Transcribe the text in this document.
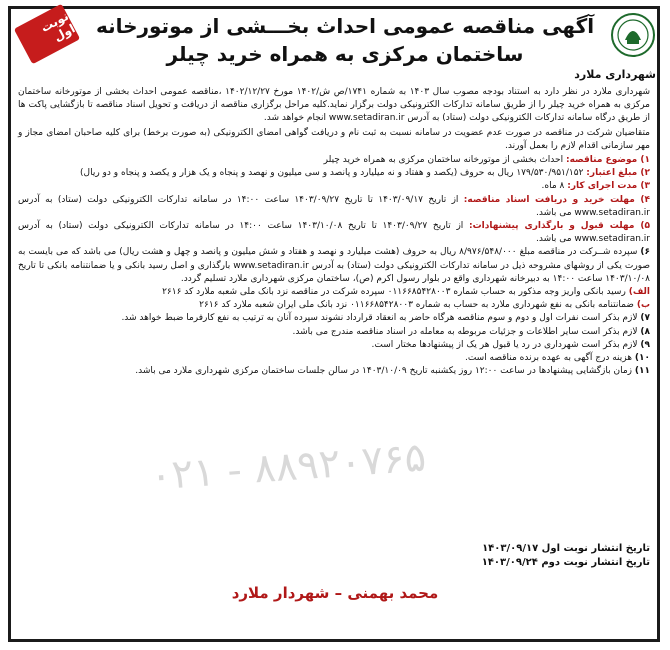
شهرداری ملارد
نوبت اول آگهی مناقصه عمومی احداث بخـــشی از موتورخانه
ساختمان مرکزی به همراه خرید چیلر
۰۲۱ - ۸۸۹۲۰۷۶۵

شهرداری ملارد در نظر دارد به استناد بودجه مصوب سال ۱۴۰۳ به شماره ۱۷۴۱/ص ش/۱۴۰۲ مورخ ۱۴۰۲/۱۲/۲۷ ،مناقصه عمومی احداث بخشی از موتورخانه ساختمان مرکزی به همراه خرید چیلر را از طریق سامانه تدارکات الکترونیکی دولت برگزار نماید.کلیه مراحل برگزاری مناقصه از دریافت و تحویل اسناد مناقصه تا بازگشایی پاکت ها از طریق درگاه سامانه تدارکات الکترونیکی دولت (ستاد) به آدرس www.setadiran.ir انجام خواهد شد.

متقاضیان شرکت در مناقصه در صورت عدم عضویت در سامانه نسبت به ثبت نام و دریافت گواهی امضای الکترونیکی (به صورت برخط) برای کلیه صاحبان امضای مجاز و مهر سازمانی اقدام لازم را بعمل آورند.

۱) موضوع مناقصه: احداث بخشی از موتورخانه ساختمان مرکزی به همراه خرید چیلر
۲) مبلغ اعتبار: ۱۷۹/۵۳۰/۹۵۱/۱۵۲ ریال به حروف (یکصد و هفتاد و نه میلیارد و پانصد و سی میلیون و نهصد و پنجاه و یک هزار و یکصد و پنجاه و دو ریال)
۳) مدت اجرای کار: ۸ ماه.
۴) مهلت خرید و دریافت اسناد مناقصه: از تاریخ ۱۴۰۳/۰۹/۱۷ تا تاریخ ۱۴۰۳/۰۹/۲۷ ساعت ۱۴:۰۰ در سامانه تدارکات الکترونیکی دولت (ستاد) به آدرس www.setadiran.ir می باشد.
۵) مهلت قبول و بارگذاری پیشنهادات: از تاریخ ۱۴۰۳/۰۹/۲۷ تا تاریخ ۱۴۰۳/۱۰/۰۸ ساعت ۱۴:۰۰ در سامانه تدارکات الکترونیکی دولت (ستاد) به آدرس www.setadiran.ir می باشد.
۶) سپرده شــرکت در مناقصه مبلغ ۸/۹۷۶/۵۴۸/۰۰۰ ریال به حروف (هشت میلیارد و نهصد و هفتاد و شش میلیون و پانصد و چهل و هشت ریال) می باشد که می بایست به صورت یکی از روشهای مشروحه ذیل در سامانه تدارکات الکترونیکی دولت (ستاد) به آدرس www.setadiran.ir بارگذاری و اصل رسید بانکی و یا ضمانتنامه بانکی تا تاریخ ۱۴۰۳/۱۰/۰۸ ساعت ۱۴:۰۰ به دبیرخانه شهرداری واقع در بلوار رسول اکرم (ص)، ساختمان مرکزی شهرداری ملارد تسلیم گردد.
الف) رسید بانکی واریز وجه مذکور به حساب شماره ۰۱۱۶۶۸۵۴۲۸۰۰۳ سپرده شرکت در مناقصه نزد بانک ملی شعبه ملارد کد ۲۶۱۶
ب) ضمانتنامه بانکی به نفع شهرداری ملارد به حساب به شماره ۰۱۱۶۶۸۵۴۲۸۰۰۳ نزد بانک ملی ایران شعبه ملارد کد ۲۶۱۶
۷) لازم بذکر است نفرات اول و دوم و سوم مناقصه هرگاه حاضر به انعقاد قرارداد نشوند سپرده آنان به ترتیب به نفع کارفرما ضبط خواهد شد.
۸) لازم بذکر است سایر اطلاعات و جزئیات مربوطه به معامله در اسناد مناقصه مندرج می باشد.
۹) لازم بذکر است شهرداری در رد یا قبول هر یک از پیشنهادها مختار است.
۱۰) هزینه درج آگهی به عهده برنده مناقصه است.
۱۱) زمان بازگشایی پیشنهادها در ساعت ۱۲:۰۰ روز یکشنبه تاریخ ۱۴۰۳/۱۰/۰۹ در سالن جلسات ساختمان مرکزی شهرداری ملارد می باشد.
تاریخ انتشار نوبت اول ۱۴۰۳/۰۹/۱۷
تاریخ انتشار نوبت دوم ۱۴۰۳/۰۹/۲۴
محمد بهمنی – شهردار ملارد
